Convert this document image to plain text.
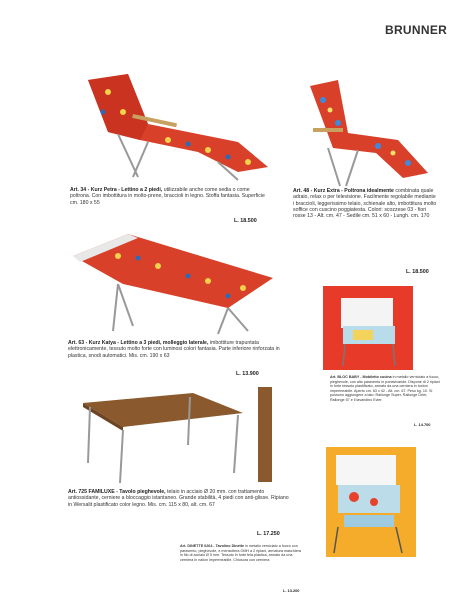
BRUNNER
Art. 34 - Kurz Petra - Lettino a 2 piedi, utilizzabile anche come sedia o come poltrona. Con imbottitura in molto-prene, braccioli in legno. Stoffa fantasia. Superficie cm. 180 x 55
L. 18.500
Art. 48 - Kurz Extra - Poltrona idealmente combinata quale adraio, relax o per televisione. Facilmente regolabile mediante i braccioli, leggerissimo telaio, schienale alto, imbottitura molto soffice con cuscino poggiatesta. Colori: scozzese 03 - fiori rosse 13 - Alt. cm. 47 - Sedile cm. 51 x 60 - Lungh. cm. 170
L. 18.500
Art. 63 - Kurz Katya - Lettino a 3 piedi, molleggio laterale, imbottiture trapuntata elettronicamente, tessuto molto forte con luminosi colori fantasia. Parte inferiore rinforzata in plastica, snodi automatici. Mis. cm. 190 x 63
L. 13.900	Art. BLOC BABY - Mobiletto cucina in metallo verniciato a fuoco, pieghevole, con alto paravento in portavivande. Dispone di 2 ripiani in forte tessuto plastificato, armato da una cerniera in tonion impermeabile. Aperto cm. 63 x 42 - Alt. cm. 67. Peso kg. 10. Si possono aggiungere a lato: Rallonge Super, Rallonge Drier, Rallonge 57 e il lavandino Evier.
L. 14.700
Art. 725 FAMILUXE - Tavolo pieghevole, telaio in acciaio Ø 20 mm. con trattamento antiossidante, cerniere a bloccaggio istantaneo. Grande stabilità, 4 piedi con anti-glisse. Ripiano in Wersalit plastificato color legno. Mis. cm. 115 x 80, alt. cm. 67
L. 17.250
Art. DINETTE 0264 - Tavolino Dinette in metallo verniciato a fuoco con paravento, pieghevole, e mensoliera OMH a 2 ripiani, armatura maschiera in filo di acciaio Ø 5 mm. Tessuto in forte tela plastica, armato da una cerniera in nailon impermeabile. Chiusura con cerniera
L. 13.200
